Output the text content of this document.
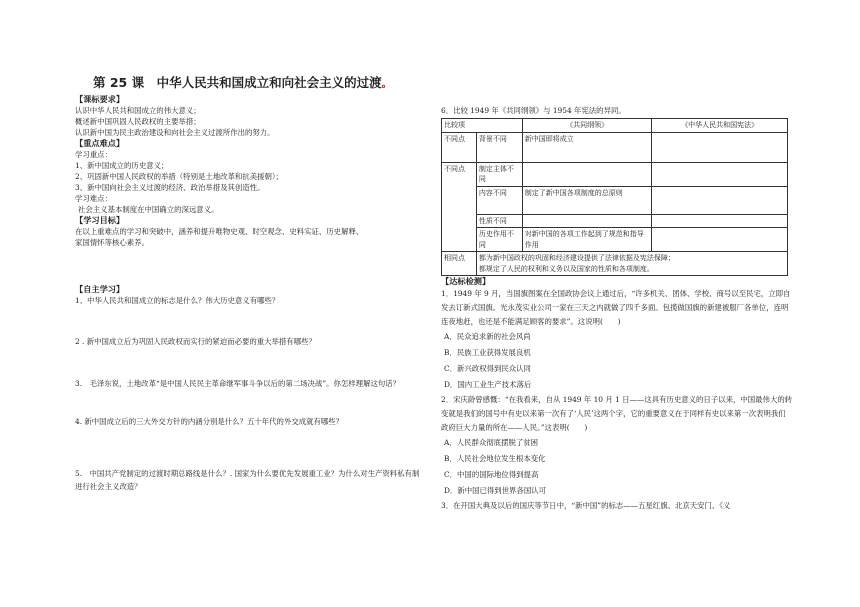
第 25 课　中华人民共和国成立和向社会主义的过渡。
【课标要求】
认识中华人民共和国成立的伟大意义；
概述新中国巩固人民政权的主要举措；
认识新中国为民主政治建设和向社会主义过渡所作出的努力。
【重点难点】
学习重点：
1、新中国成立的历史意义；
2、巩固新中国人民政权的举措（特别是土地改革和抗美援朝）；
3、新中国向社会主义过渡的经济、政治举措及其创造性。
学习难点：
社会主义基本制度在中国确立的深远意义。
【学习目标】
在以上重难点的学习和突破中，涵养和提升唯物史观、时空观念、史料实证、历史解释、
家国情怀等核心素养。
【自主学习】
1、中华人民共和国成立的标志是什么？伟大历史意义有哪些？
2 . 新中国成立后为巩固人民政权而实行的紧迫而必要的重大举措有哪些？
3.　毛泽东说，土地改革“是中国人民民主革命继军事斗争以后的第二场决战”。你怎样理解这句话？
4. 新中国成立后的三大外交方针的内涵分别是什么？五十年代的外交成就有哪些？
5.　中国共产党制定的过渡时期总路线是什么？. 国家为什么要优先发展重工业？为什么对生产资料私有制进行社会主义改造？
6．比较 1949 年《共同纲领》与 1954 年宪法的异同。
比较项		《共同纲领》	《中华人民共和国宪法》
不同点	背景不同	新中国即将成立	
不同点	制定主体不同		
	内容不同	制定了新中国各项制度的总原则	
	性质不同		
	历史作用不同	对新中国的各项工作起到了规范和指导作用	
相同点	都为新中国政权的巩固和经济建设提供了法律依据及宪法保障；
都规定了人民的权利和义务以及国家的性质和各项制度。		
【达标检测】
1．1949 年 9 月，当国旗图案在全国政协会议上通过后，“许多机关、团体、学校、商号以至民宅，立即自发去订新式国旗。光永茂实业公司一家在三天之内就做了四千多面。包揽做国旗的新建被服厂各单位，连明连夜地赶，也还是不能满足顾客的要求”。这说明(　　)
A．民众追求新的社会风尚
B．民族工业获得发展良机
C．新兴政权得到民众认同
D．国内工业生产技术落后
2．宋庆龄曾感慨：“在我看来，自从 1949 年 10 月 1 日——这具有历史意义的日子以来，中国最伟大的转变就是我们的国号中有史以来第一次有了‘人民’这两个字，它的重要意义在于同样有史以来第一次表明我们政府巨大力量的所在——人民。”这表明(　　)
A．人民群众彻底摆脱了贫困
B．人民社会地位发生根本变化
C．中国的国际地位得到提高
D．新中国已得到世界各国认可
3．在开国大典及以后的国庆等节日中，“新中国”的标志——五星红旗、北京天安门、《义
